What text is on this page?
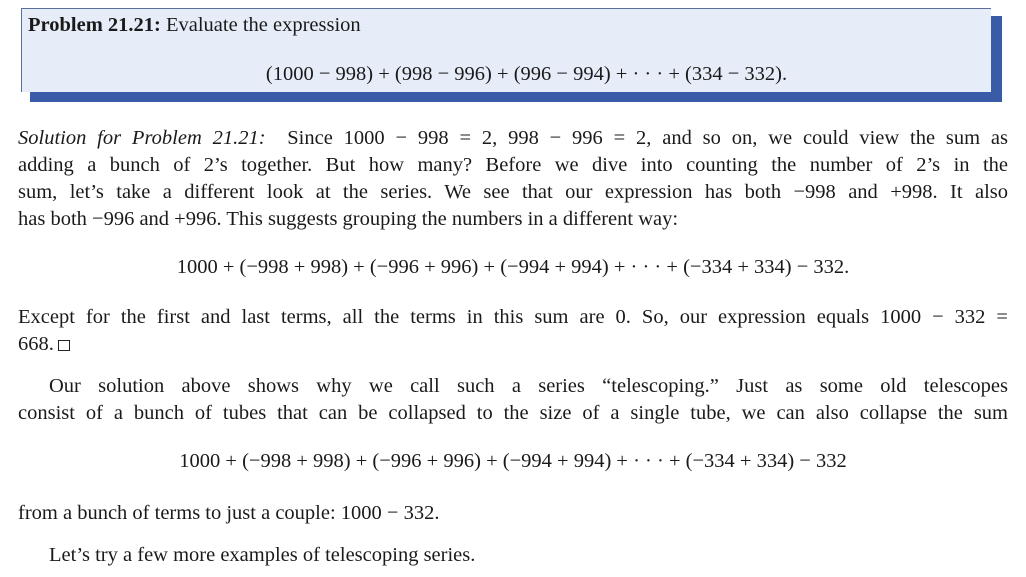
Problem 21.21: Evaluate the expression
(1000 − 998) + (998 − 996) + (996 − 994) + · · · + (334 − 332).
Solution for Problem 21.21: Since 1000 − 998 = 2, 998 − 996 = 2, and so on, we could view the sum as
adding a bunch of 2’s together. But how many? Before we dive into counting the number of 2’s in the
sum, let’s take a different look at the series. We see that our expression has both −998 and +998. It also
has both −996 and +996. This suggests grouping the numbers in a different way:
1000 + (−998 + 998) + (−996 + 996) + (−994 + 994) + · · · + (−334 + 334) − 332.
Except for the first and last terms, all the terms in this sum are 0. So, our expression equals 1000 − 332 =
668.
Our solution above shows why we call such a series “telescoping.” Just as some old telescopes
consist of a bunch of tubes that can be collapsed to the size of a single tube, we can also collapse the sum
1000 + (−998 + 998) + (−996 + 996) + (−994 + 994) + · · · + (−334 + 334) − 332
from a bunch of terms to just a couple: 1000 − 332.
Let’s try a few more examples of telescoping series.
